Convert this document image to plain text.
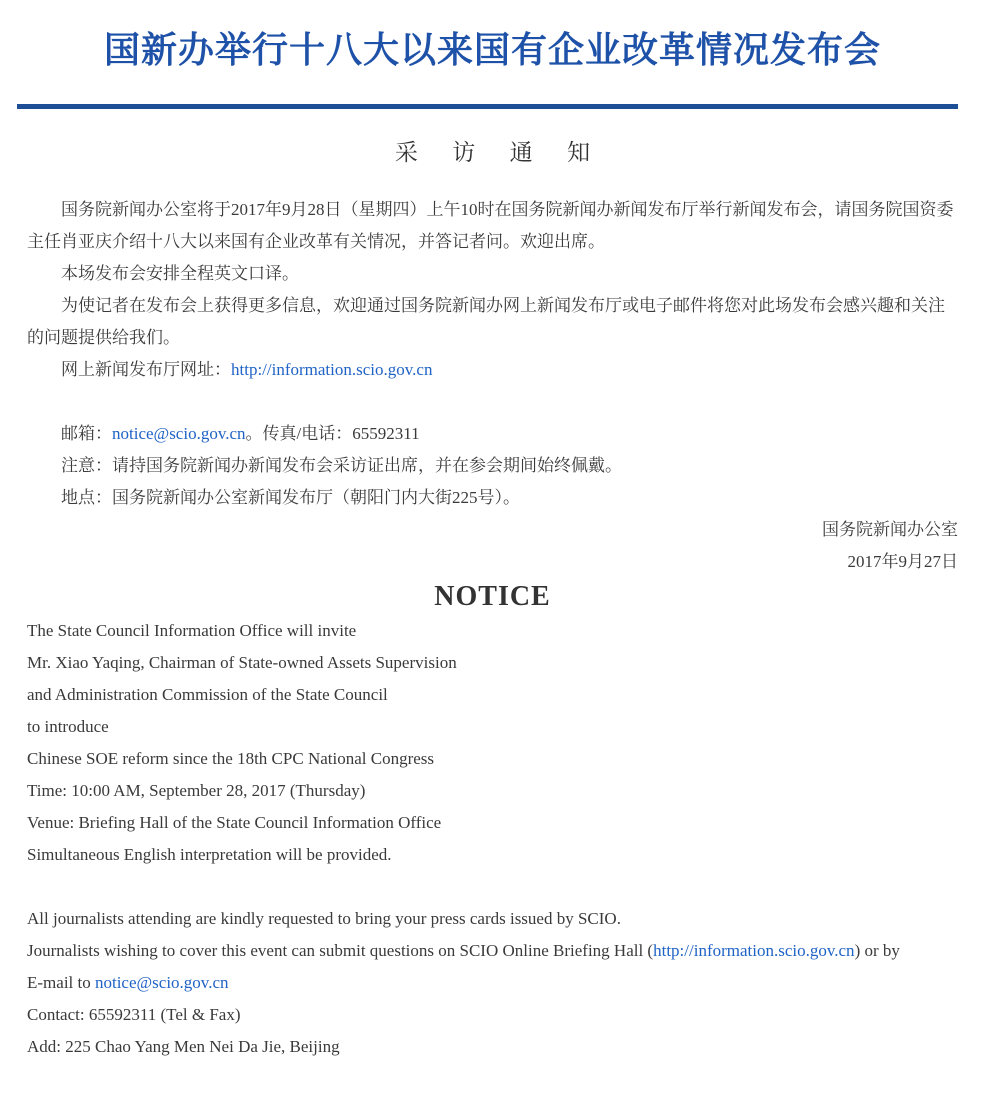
国新办举行十八大以来国有企业改革情况发布会
采 访 通 知

国务院新闻办公室将于2017年9月28日（星期四）上午10时在国务院新闻办新闻发布厅举行新闻发布会，请国务院国资委主任肖亚庆介绍十八大以来国有企业改革有关情况，并答记者问。欢迎出席。

本场发布会安排全程英文口译。

为使记者在发布会上获得更多信息，欢迎通过国务院新闻办网上新闻发布厅或电子邮件将您对此场发布会感兴趣和关注的问题提供给我们。

网上新闻发布厅网址：http://information.scio.gov.cn

邮箱：notice@scio.gov.cn。传真/电话：65592311

注意：请持国务院新闻办新闻发布会采访证出席，并在参会期间始终佩戴。

地点：国务院新闻办公室新闻发布厅（朝阳门内大街225号）。

国务院新闻办公室

2017年9月27日

NOTICE

The State Council Information Office will invite

Mr. Xiao Yaqing, Chairman of State-owned Assets Supervision

and Administration Commission of the State Council

to introduce

Chinese SOE reform since the 18th CPC National Congress

Time: 10:00 AM, September 28, 2017 (Thursday)

Venue: Briefing Hall of the State Council Information Office

Simultaneous English interpretation will be provided.

All journalists attending are kindly requested to bring your press cards issued by SCIO.

Journalists wishing to cover this event can submit questions on SCIO Online Briefing Hall (http://information.scio.gov.cn) or by

E-mail to notice@scio.gov.cn

Contact: 65592311 (Tel & Fax)

Add: 225 Chao Yang Men Nei Da Jie, Beijing
